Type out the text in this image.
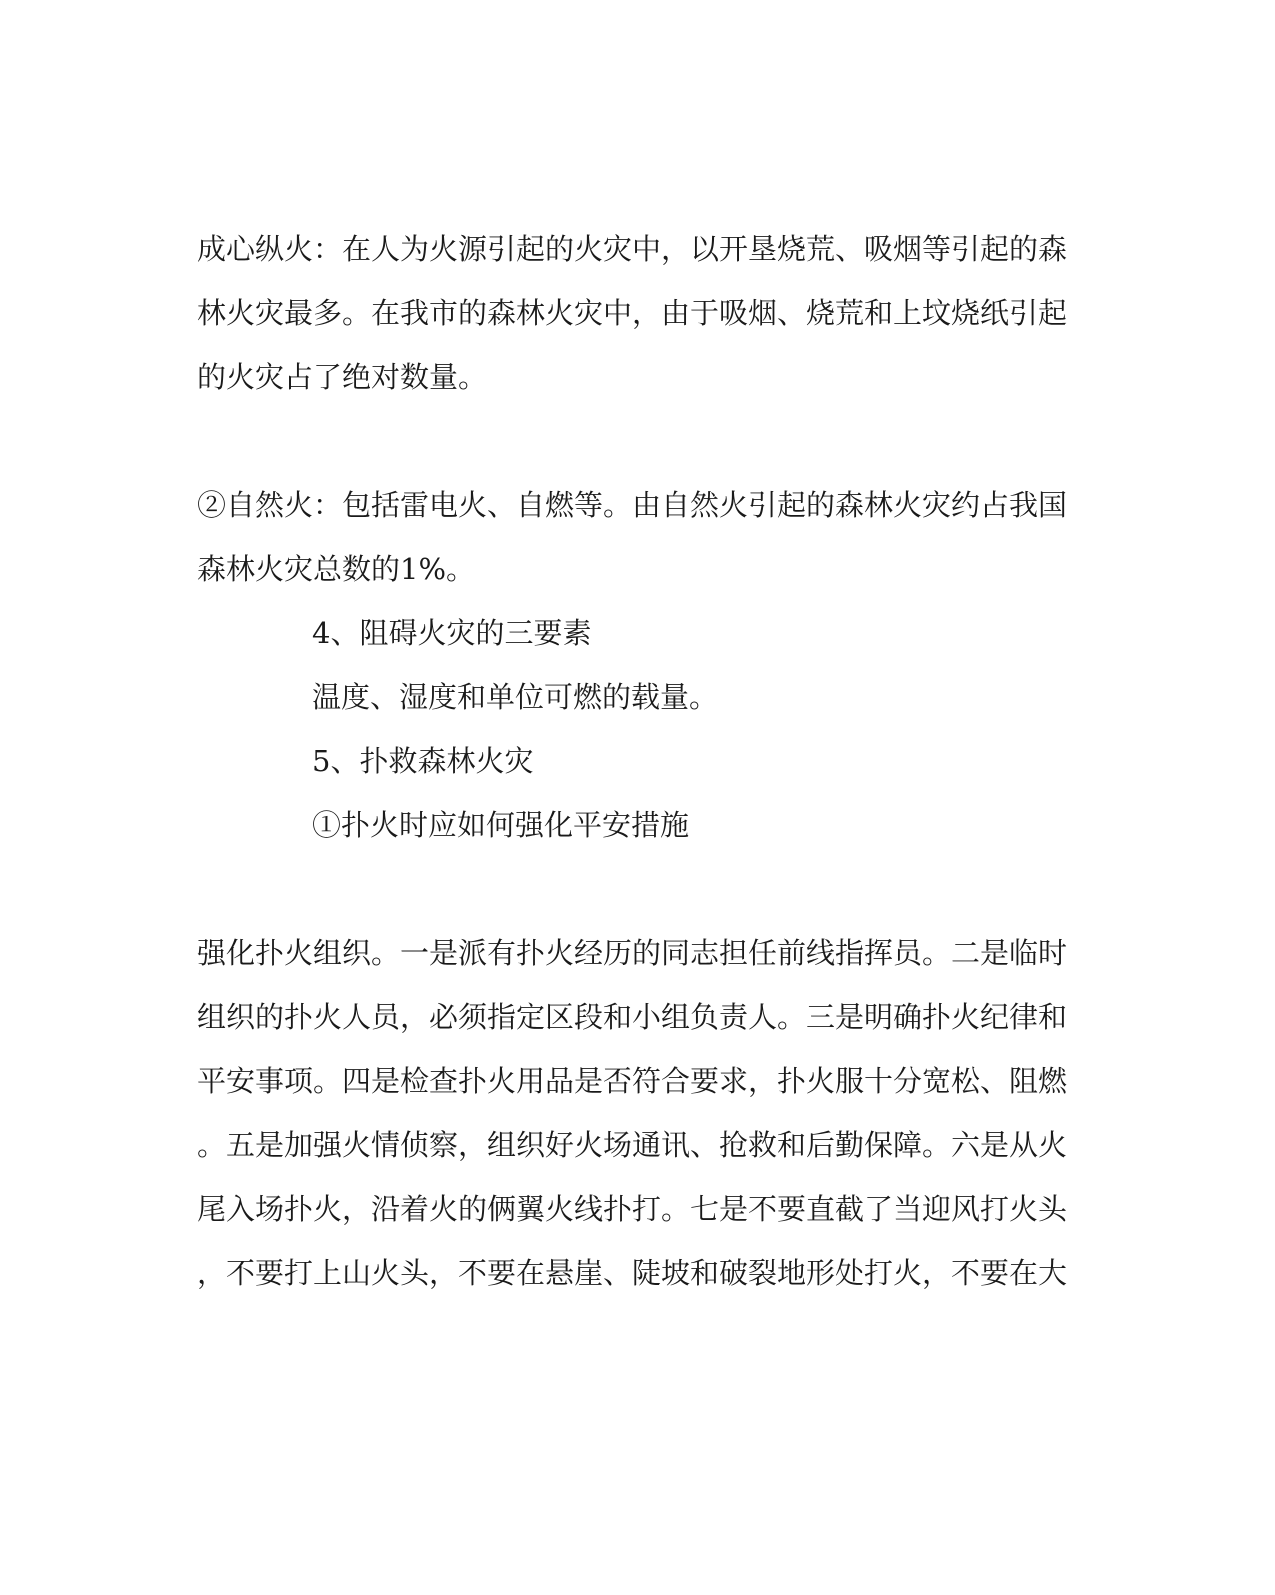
成心纵火：在人为火源引起的火灾中，以开垦烧荒、吸烟等引起的森
林火灾最多。在我市的森林火灾中，由于吸烟、烧荒和上坟烧纸引起
的火灾占了绝对数量。
②自然火：包括雷电火、自燃等。由自然火引起的森林火灾约占我国
森林火灾总数的1%。
4、阻碍火灾的三要素
温度、湿度和单位可燃的载量。
5、扑救森林火灾
①扑火时应如何强化平安措施
强化扑火组织。一是派有扑火经历的同志担任前线指挥员。二是临时
组织的扑火人员，必须指定区段和小组负责人。三是明确扑火纪律和
平安事项。四是检查扑火用品是否符合要求，扑火服十分宽松、阻燃
。五是加强火情侦察，组织好火场通讯、抢救和后勤保障。六是从火
尾入场扑火，沿着火的俩翼火线扑打。七是不要直截了当迎风打火头
，不要打上山火头，不要在悬崖、陡坡和破裂地形处打火，不要在大
